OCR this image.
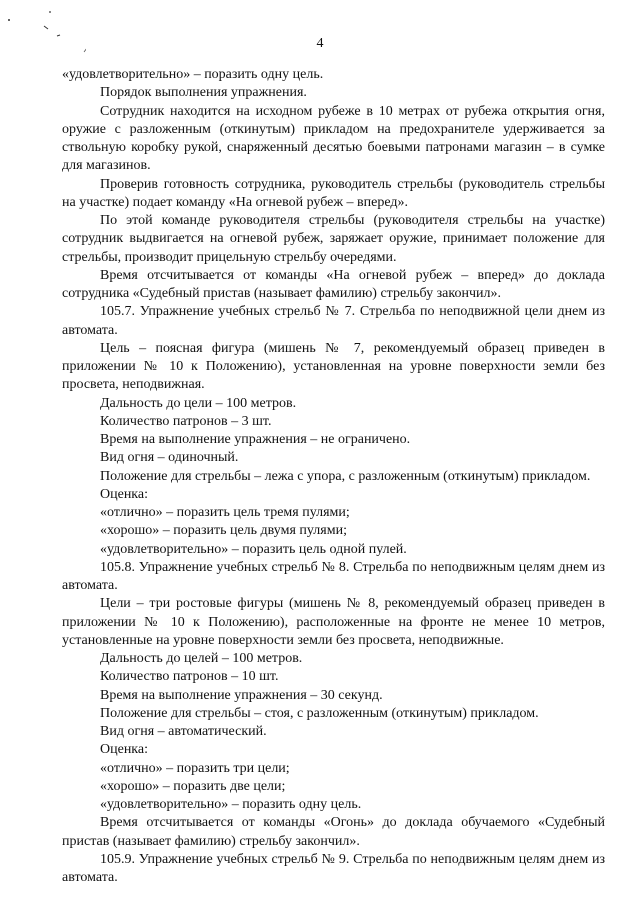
4

«удовлетворительно» – поразить одну цель.

Порядок выполнения упражнения.

Сотрудник находится на исходном рубеже в 10 метрах от рубежа открытия огня, оружие с разложенным (откинутым) прикладом на предохранителе удерживается за ствольную коробку рукой, снаряженный десятью боевыми патронами магазин – в сумке для магазинов.

Проверив готовность сотрудника, руководитель стрельбы (руководитель стрельбы на участке) подает команду «На огневой рубеж – вперед».

По этой команде руководителя стрельбы (руководителя стрельбы на участке) сотрудник выдвигается на огневой рубеж, заряжает оружие, принимает положение для стрельбы, производит прицельную стрельбу очередями.

Время отсчитывается от команды «На огневой рубеж – вперед» до доклада сотрудника «Судебный пристав (называет фамилию) стрельбу закончил».

105.7. Упражнение учебных стрельб № 7. Стрельба по неподвижной цели днем из автомата.

Цель – поясная фигура (мишень № 7, рекомендуемый образец приведен в приложении № 10 к Положению), установленная на уровне поверхности земли без просвета, неподвижная.

Дальность до цели – 100 метров.

Количество патронов – 3 шт.

Время на выполнение упражнения – не ограничено.

Вид огня – одиночный.

Положение для стрельбы – лежа с упора, с разложенным (откинутым) прикладом.

Оценка:

«отлично» – поразить цель тремя пулями;

«хорошо» – поразить цель двумя пулями;

«удовлетворительно» – поразить цель одной пулей.

105.8. Упражнение учебных стрельб № 8. Стрельба по неподвижным целям днем из автомата.

Цели – три ростовые фигуры (мишень № 8, рекомендуемый образец приведен в приложении № 10 к Положению), расположенные на фронте не менее 10 метров, установленные на уровне поверхности земли без просвета, неподвижные.

Дальность до целей – 100 метров.

Количество патронов – 10 шт.

Время на выполнение упражнения – 30 секунд.

Положение для стрельбы – стоя, с разложенным (откинутым) прикладом.

Вид огня – автоматический.

Оценка:

«отлично» – поразить три цели;

«хорошо» – поразить две цели;

«удовлетворительно» – поразить одну цель.

Время отсчитывается от команды «Огонь» до доклада обучаемого «Судебный пристав (называет фамилию) стрельбу закончил».

105.9. Упражнение учебных стрельб № 9. Стрельба по неподвижным целям днем из автомата.
